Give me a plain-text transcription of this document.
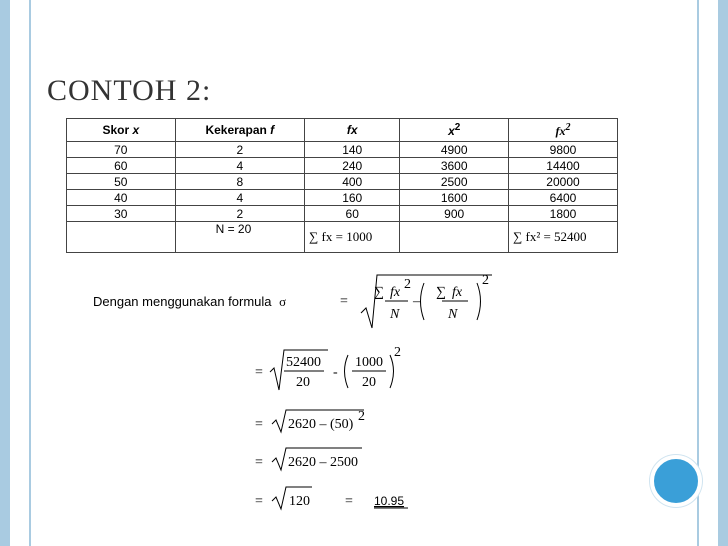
CONTOH 2:
Skor x	Kekerapan f	fx	$x^2$	$fx^2$
70	2	140	4900	9800
60	4	240	3600	14400
50	8	400	2500	20000
40	4	160	1600	6400
30	2	60	900	1800
	N = 20	∑ fx = 1000		∑ fx² = 52400
Dengan menggunakan formula σ	=
∑ fx
2
N
–
∑ fx
N
2
=
52400
20
-
1000
20
2
= 2620 – (50)
2
= 2620 – 2500
= 120	= 10.95
